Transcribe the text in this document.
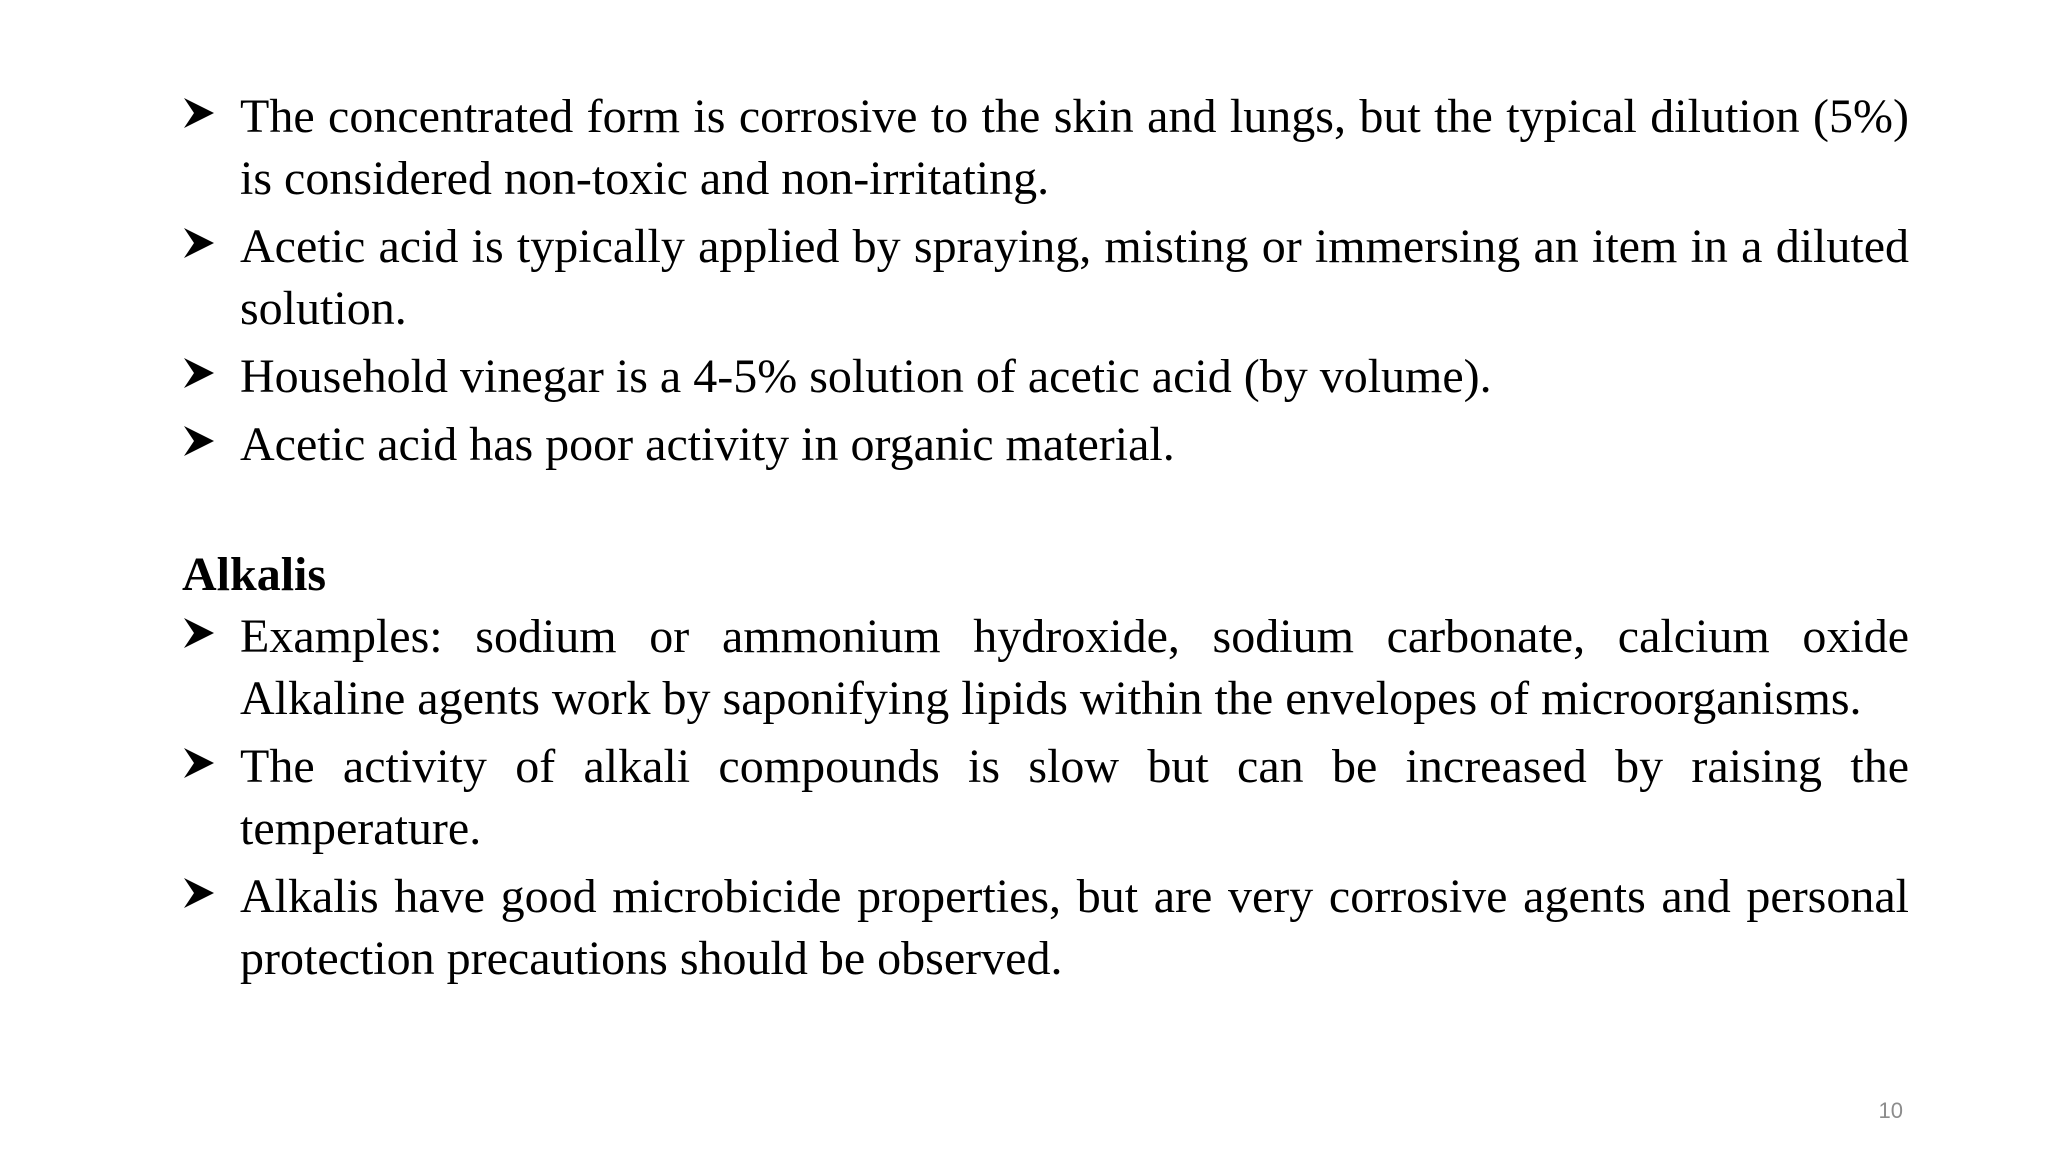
The concentrated form is corrosive to the skin and lungs, but the typical dilution (5%) is considered non-toxic and non-irritating.
Acetic acid is typically applied by spraying, misting or immersing an item in a diluted solution.
Household vinegar is a 4-5% solution of acetic acid (by volume).
Acetic acid has poor activity in organic material.
Alkalis
Examples: sodium or ammonium hydroxide, sodium carbonate, calcium oxide Alkaline agents work by saponifying lipids within the envelopes of microorganisms.
The activity of alkali compounds is slow but can be increased by raising the temperature.
Alkalis have good microbicide properties, but are very corrosive agents and personal protection precautions should be observed.
10
